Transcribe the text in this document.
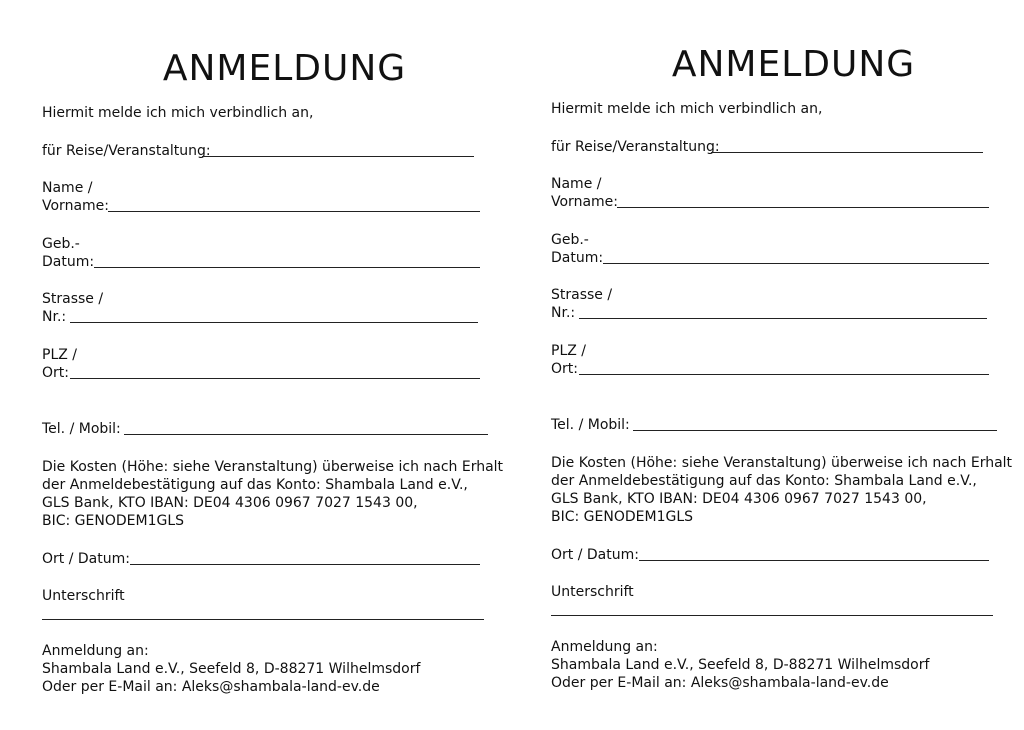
ANMELDUNG
Hiermit melde ich mich verbindlich an,
für Reise/Veranstaltung:
Name /
Vorname:
Geb.-
Datum:
Strasse /
Nr.:
PLZ /
Ort:
Tel. / Mobil:
Die Kosten (Höhe: siehe Veranstaltung) überweise ich nach Erhalt
der Anmeldebestätigung auf das Konto: Shambala Land e.V.,
GLS Bank, KTO IBAN: DE04 4306 0967 7027 1543 00,
BIC: GENODEM1GLS
Ort / Datum:
Unterschrift
Anmeldung an:
Shambala Land e.V., Seefeld 8, D-88271 Wilhelmsdorf
Oder per E-Mail an: Aleks@shambala-land-ev.de
ANMELDUNG
Hiermit melde ich mich verbindlich an,
für Reise/Veranstaltung:
Name /
Vorname:
Geb.-
Datum:
Strasse /
Nr.:
PLZ /
Ort:
Tel. / Mobil:
Die Kosten (Höhe: siehe Veranstaltung) überweise ich nach Erhalt
der Anmeldebestätigung auf das Konto: Shambala Land e.V.,
GLS Bank, KTO IBAN: DE04 4306 0967 7027 1543 00,
BIC: GENODEM1GLS
Ort / Datum:
Unterschrift
Anmeldung an:
Shambala Land e.V., Seefeld 8, D-88271 Wilhelmsdorf
Oder per E-Mail an: Aleks@shambala-land-ev.de
